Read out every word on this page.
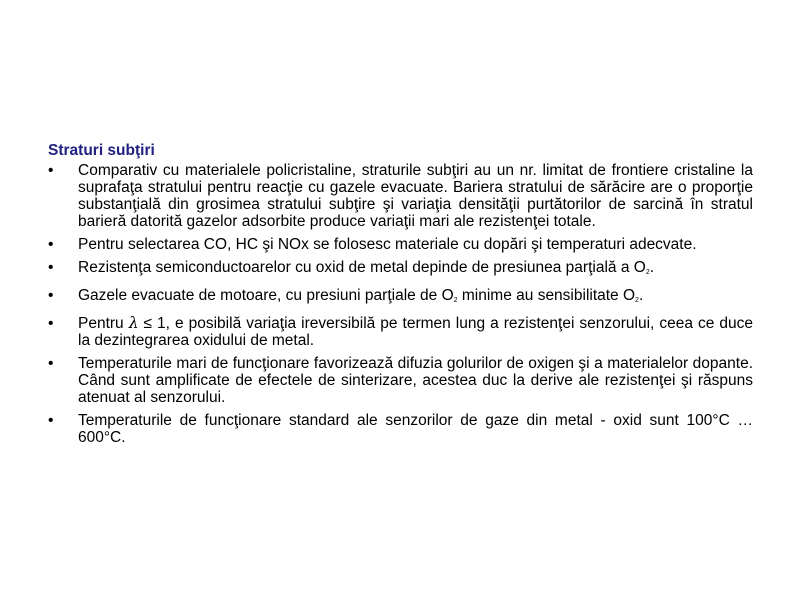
Straturi subţiri
•	Comparativ cu materialele policristaline, straturile subţiri au un nr. limitat de frontiere cristaline la suprafaţa stratului pentru reacţie cu gazele evacuate. Bariera stratului de sărăcire are o proporţie substanţială din grosimea stratului subţire şi variaţia densităţii purtătorilor de sarcină în stratul barieră datorită gazelor adsorbite produce variaţii mari ale rezistenţei totale.
•	Pentru selectarea CO, HC şi NOx se folosesc materiale cu dopări şi temperaturi adecvate.
•	Rezistenţa semiconductoarelor cu oxid de metal depinde de presiunea parţială a $O_2$.
•	Gazele evacuate de motoare, cu presiuni parţiale de $O_2$ minime au sensibilitate $O_2$.
•	Pentru λ ≤ 1, e posibilă variaţia ireversibilă pe termen lung a rezistenţei senzorului, ceea ce duce la dezintegrarea oxidului de metal.
•	Temperaturile mari de funcţionare favorizează difuzia golurilor de oxigen şi a materialelor dopante. Când sunt amplificate de efectele de sinterizare, acestea duc la derive ale rezistenţei şi răspuns atenuat al senzorului.
•	Temperaturile de funcţionare standard ale senzorilor de gaze din metal - oxid sunt 100°C … 600°C.
